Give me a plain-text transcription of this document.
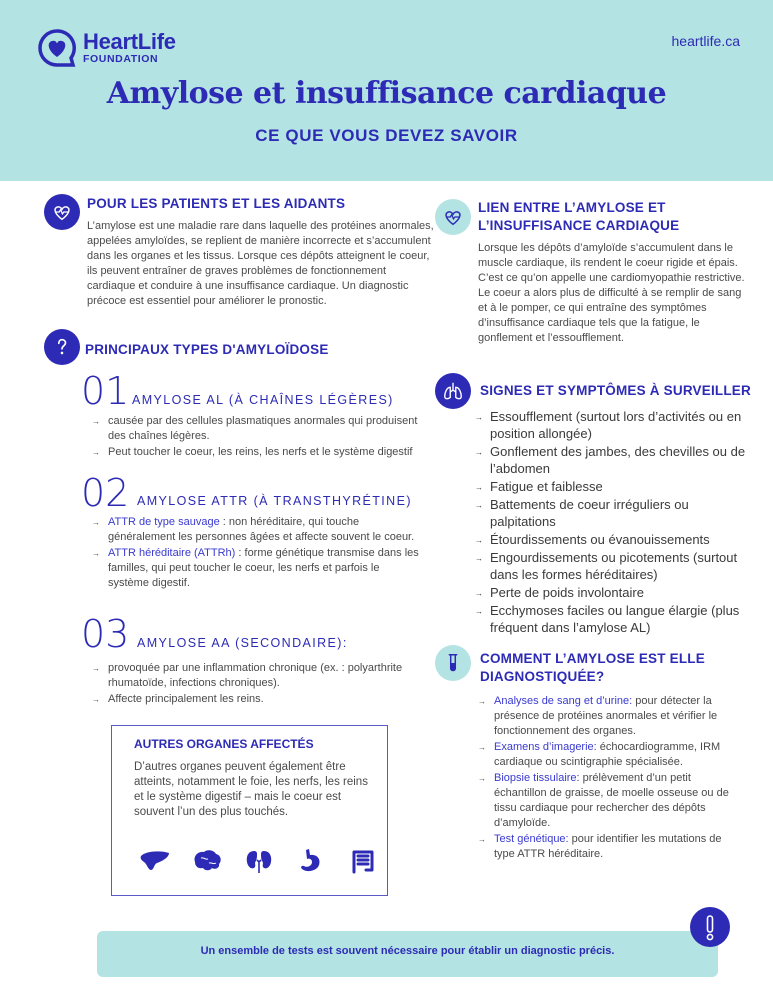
HeartLife
FOUNDATION
heartlife.ca
Amylose et insuffisance cardiaque
CE QUE VOUS DEVEZ SAVOIR
POUR LES PATIENTS ET LES AIDANTS
L’amylose est une maladie rare dans laquelle des protéines anormales, appelées amyloïdes, se replient de manière incorrecte et s’accumulent dans les organes et les tissus. Lorsque ces dépôts atteignent le coeur, ils peuvent entraîner de graves problèmes de fonctionnement cardiaque et conduire à une insuffisance cardiaque. Un diagnostic précoce est essentiel pour améliorer le pronostic.
PRINCIPAUX TYPES D'AMYLOÏDOSE
01 AMYLOSE AL (À CHAÎNES LÉGÈRES)
→ causée par des cellules plasmatiques anormales qui produisent des chaînes légères.
→ Peut toucher le coeur, les reins, les nerfs et le système digestif
02 AMYLOSE ATTR (À TRANSTHYRÉTINE)
→ ATTR de type sauvage : non héréditaire, qui touche généralement les personnes âgées et affecte souvent le coeur.
→ ATTR héréditaire (ATTRh) : forme génétique transmise dans les familles, qui peut toucher le coeur, les nerfs et parfois le système digestif.
03 AMYLOSE AA (SECONDAIRE):
→ provoquée par une inflammation chronique (ex. : polyarthrite rhumatoïde, infections chroniques).
→ Affecte principalement les reins.
AUTRES ORGANES AFFECTÉS
D’autres organes peuvent également être atteints, notamment le foie, les nerfs, les reins et le système digestif – mais le coeur est souvent l’un des plus touchés.
LIEN ENTRE L’AMYLOSE ET L’INSUFFISANCE CARDIAQUE
Lorsque les dépôts d’amyloïde s’accumulent dans le muscle cardiaque, ils rendent le coeur rigide et épais. C’est ce qu’on appelle une cardiomyopathie restrictive. Le coeur a alors plus de difficulté à se remplir de sang et à le pomper, ce qui entraîne des symptômes d’insuffisance cardiaque tels que la fatigue, le gonflement et l’essoufflement.
SIGNES ET SYMPTÔMES À SURVEILLER
→ Essoufflement (surtout lors d’activités ou en position allongée)
→ Gonflement des jambes, des chevilles ou de l’abdomen
→ Fatigue et faiblesse
→ Battements de coeur irréguliers ou palpitations
→ Étourdissements ou évanouissements
→ Engourdissements ou picotements (surtout dans les formes héréditaires)
→ Perte de poids involontaire
→ Ecchymoses faciles ou langue élargie (plus fréquent dans l’amylose AL)
COMMENT L’AMYLOSE EST ELLE DIAGNOSTIQUÉE?
→ Analyses de sang et d’urine: pour détecter la présence de protéines anormales et vérifier le fonctionnement des organes.
→ Examens d’imagerie: échocardiogramme, IRM cardiaque ou scintigraphie spécialisée.
→ Biopsie tissulaire: prélèvement d’un petit échantillon de graisse, de moelle osseuse ou de tissu cardiaque pour rechercher des dépôts d’amyloïde.
→ Test génétique: pour identifier les mutations de type ATTR héréditaire.
Un ensemble de tests est souvent nécessaire pour établir un diagnostic précis.
